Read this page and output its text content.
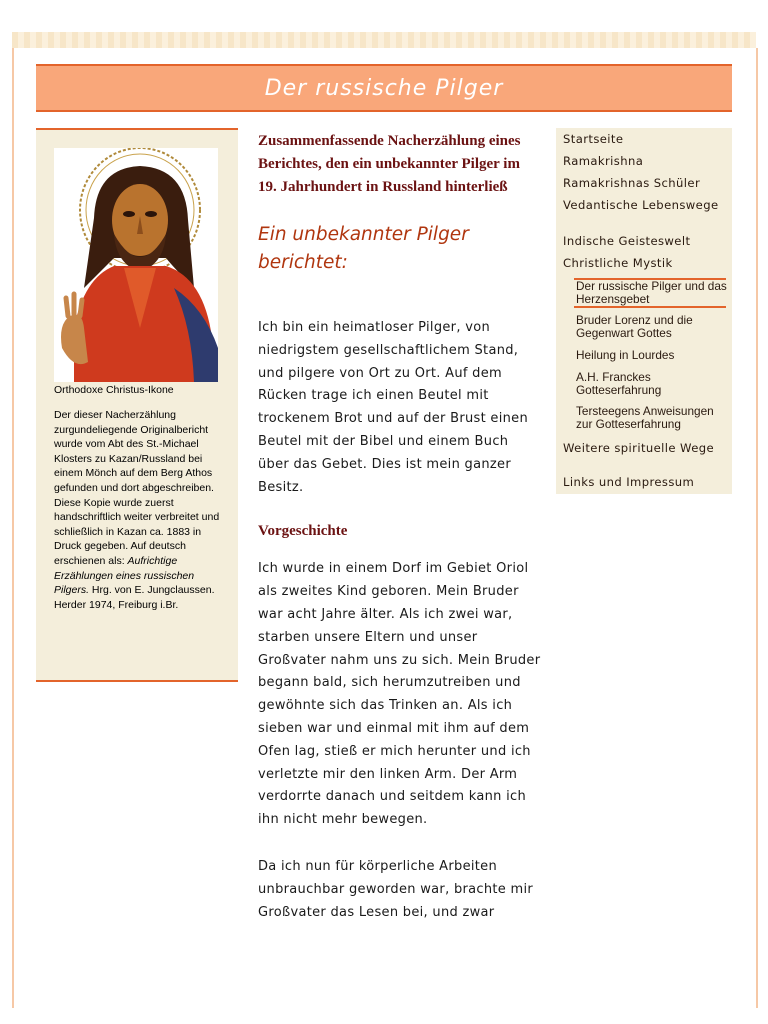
Der russische Pilger
Orthodoxe Christus-Ikone
Der dieser Nacherzählung zurgundeliegende Originalbericht wurde vom Abt des St.-Michael Klosters zu Kazan/Russland bei einem Mönch auf dem Berg Athos gefunden und dort abgeschreiben. Diese Kopie wurde zuerst handschriftlich weiter verbreitet und schließlich in Kazan ca. 1883 in Druck gegeben. Auf deutsch erschienen als: Aufrichtige Erzählungen eines russischen Pilgers. Hrg. von E. Jungclaussen. Herder 1974, Freiburg i.Br.

Zusammenfassende Nacherzählung eines Berichtes, den ein unbekannter Pilger im 19. Jahrhundert in Russland hinterließ

Ein unbekannter Pilger berichtet:

Ich bin ein heimatloser Pilger, von niedrigstem gesellschaftlichem Stand, und pilgere von Ort zu Ort. Auf dem Rücken trage ich einen Beutel mit trockenem Brot und auf der Brust einen Beutel mit der Bibel und einem Buch über das Gebet. Dies ist mein ganzer Besitz.

Vorgeschichte

Ich wurde in einem Dorf im Gebiet Oriol als zweites Kind geboren. Mein Bruder war acht Jahre älter. Als ich zwei war, starben unsere Eltern und unser Großvater nahm uns zu sich. Mein Bruder begann bald, sich herumzutreiben und gewöhnte sich das Trinken an. Als ich sieben war und einmal mit ihm auf dem Ofen lag, stieß er mich herunter und ich verletzte mir den linken Arm. Der Arm verdorrte danach und seitdem kann ich ihn nicht mehr bewegen.

Da ich nun für körperliche Arbeiten unbrauchbar geworden war, brachte mir Großvater das Lesen bei, und zwar

Startseite
Ramakrishna
Ramakrishnas Schüler
Vedantische Lebenswege
Indische Geisteswelt
Christliche Mystik
Der russische Pilger und das Herzensgebet
Bruder Lorenz und die Gegenwart Gottes
Heilung in Lourdes
A.H. Franckes Gotteserfahrung
Tersteegens Anweisungen zur Gotteserfahrung
Weitere spirituelle Wege
Links und Impressum
